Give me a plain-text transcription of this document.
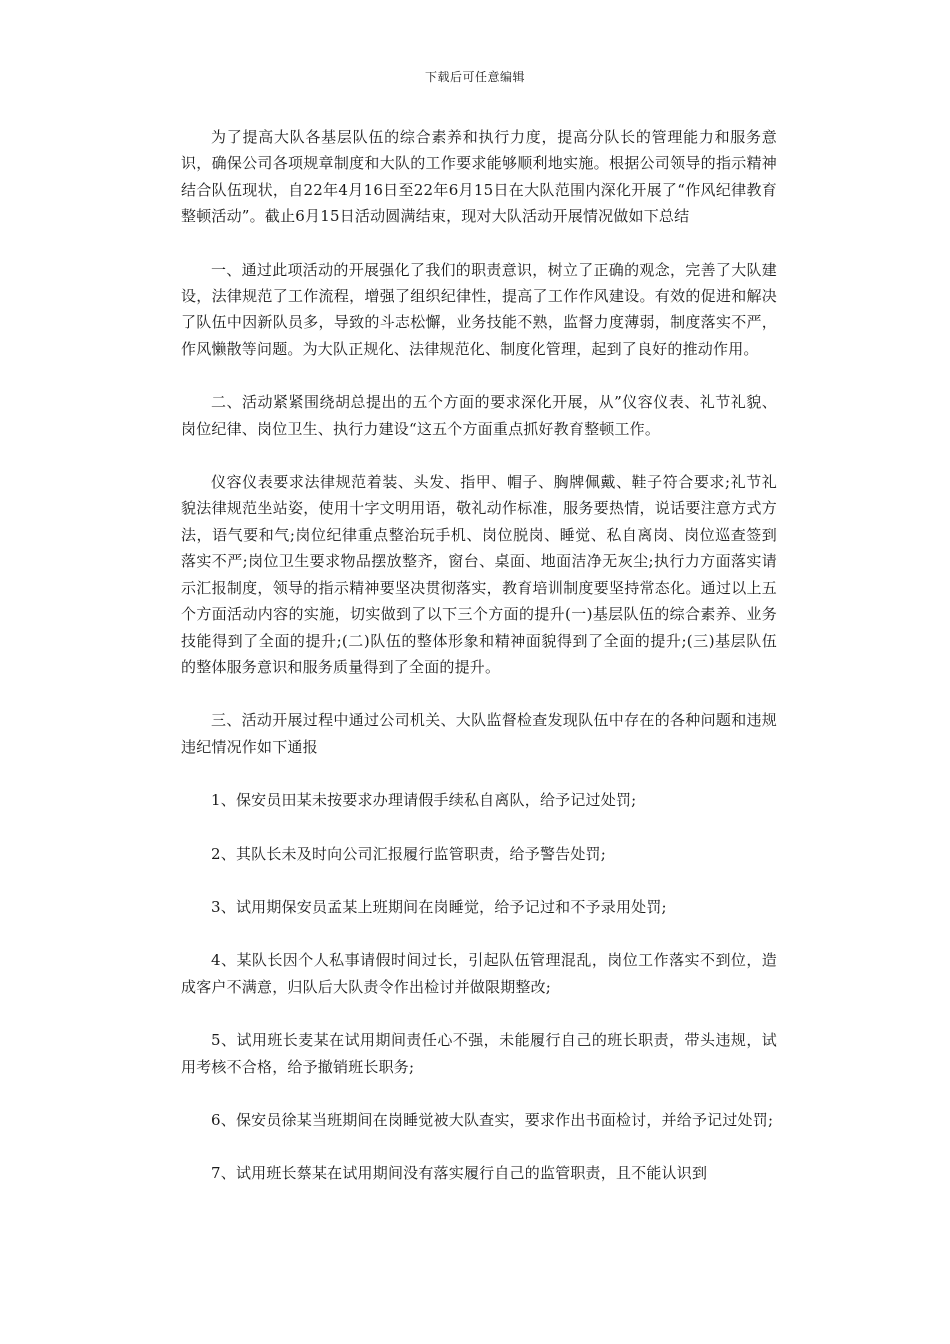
下载后可任意编辑

为了提高大队各基层队伍的综合素养和执行力度，提高分队长的管理能力和服务意识，确保公司各项规章制度和大队的工作要求能够顺利地实施。根据公司领导的指示精神结合队伍现状，自22年4月16日至22年6月15日在大队范围内深化开展了“作风纪律教育整顿活动”。截止6月15日活动圆满结束，现对大队活动开展情况做如下总结

一、通过此项活动的开展强化了我们的职责意识，树立了正确的观念，完善了大队建设，法律规范了工作流程，增强了组织纪律性，提高了工作作风建设。有效的促进和解决了队伍中因新队员多，导致的斗志松懈，业务技能不熟，监督力度薄弱，制度落实不严，作风懒散等问题。为大队正规化、法律规范化、制度化管理，起到了良好的推动作用。

二、活动紧紧围绕胡总提出的五个方面的要求深化开展，从”仪容仪表、礼节礼貌、岗位纪律、岗位卫生、执行力建设“这五个方面重点抓好教育整顿工作。

仪容仪表要求法律规范着装、头发、指甲、帽子、胸牌佩戴、鞋子符合要求;礼节礼貌法律规范坐站姿，使用十字文明用语，敬礼动作标准，服务要热情，说话要注意方式方法，语气要和气;岗位纪律重点整治玩手机、岗位脱岗、睡觉、私自离岗、岗位巡查签到落实不严;岗位卫生要求物品摆放整齐，窗台、桌面、地面洁净无灰尘;执行力方面落实请示汇报制度，领导的指示精神要坚决贯彻落实，教育培训制度要坚持常态化。通过以上五个方面活动内容的实施，切实做到了以下三个方面的提升(一)基层队伍的综合素养、业务技能得到了全面的提升;(二)队伍的整体形象和精神面貌得到了全面的提升;(三)基层队伍的整体服务意识和服务质量得到了全面的提升。

三、活动开展过程中通过公司机关、大队监督检查发现队伍中存在的各种问题和违规违纪情况作如下通报

1、保安员田某未按要求办理请假手续私自离队，给予记过处罚;

2、其队长未及时向公司汇报履行监管职责，给予警告处罚;

3、试用期保安员孟某上班期间在岗睡觉，给予记过和不予录用处罚;

4、某队长因个人私事请假时间过长，引起队伍管理混乱，岗位工作落实不到位，造成客户不满意，归队后大队责令作出检讨并做限期整改;

5、试用班长麦某在试用期间责任心不强，未能履行自己的班长职责，带头违规，试用考核不合格，给予撤销班长职务;

6、保安员徐某当班期间在岗睡觉被大队查实，要求作出书面检讨，并给予记过处罚;

7、试用班长蔡某在试用期间没有落实履行自己的监管职责，且不能认识到
